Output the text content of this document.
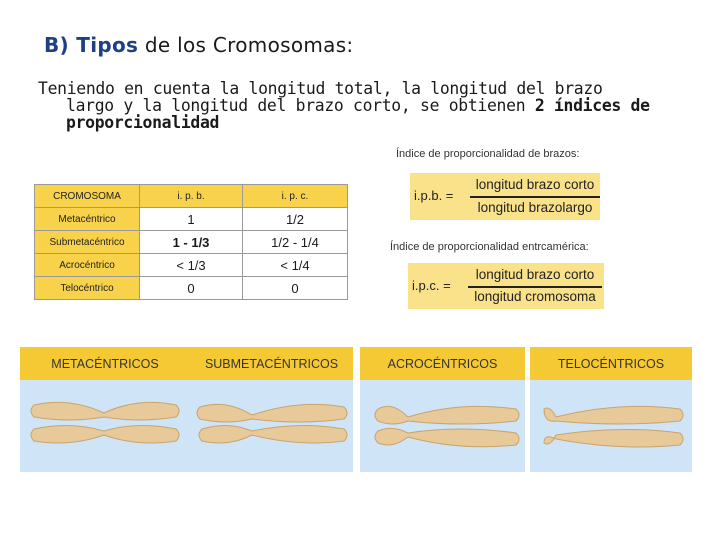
B) Tipos de los Cromosomas:
Teniendo en cuenta la longitud total, la longitud del brazo
largo y la longitud del brazo corto, se obtienen 2 índices de
proporcionalidad
CROMOSOMA	i. p. b.	i. p. c.
Metacéntrico	1	1/2
Submetacéntrico	1 - 1/3	1/2 - 1/4
Acrocéntrico	< 1/3	< 1/4
Telocéntrico	0	0
Índice de proporcionalidad de brazos:
i.p.b. =
longitud brazo corto
longitud brazolargo
Índice de proporcionalidad entrcamérica:
i.p.c. =
longitud brazo corto
longitud cromosoma
METACÉNTRICOS	SUBMETACÉNTRICOS	ACROCÉNTRICOS	TELOCÉNTRICOS
